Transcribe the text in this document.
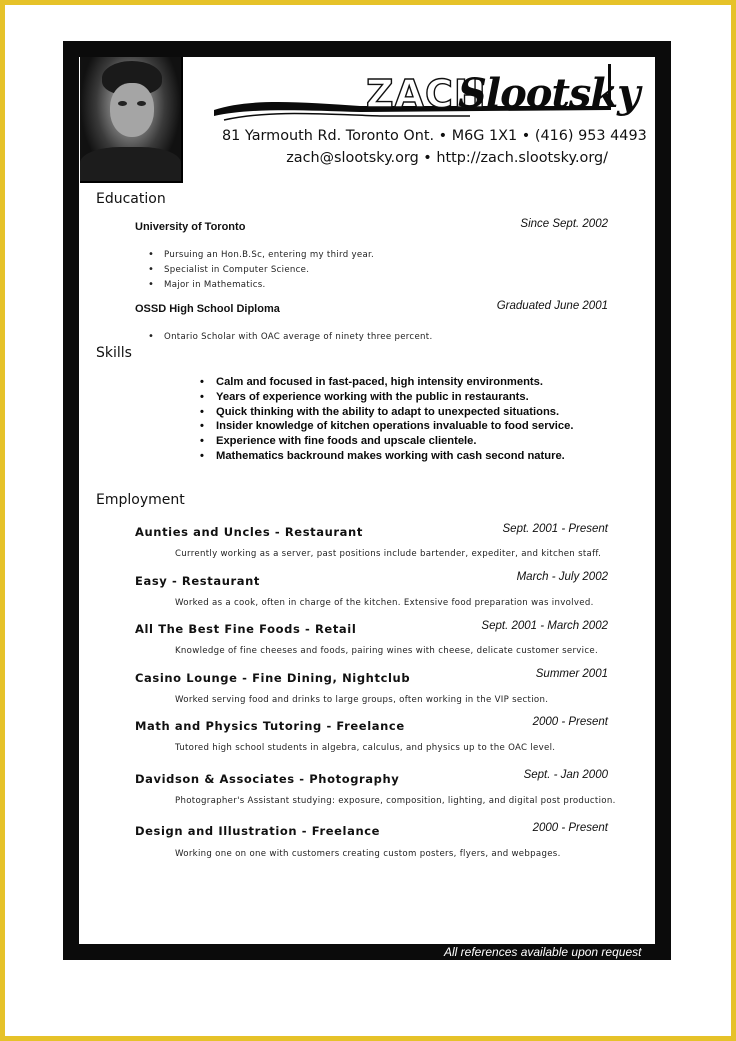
ZACH
Slootsky
81 Yarmouth Rd. Toronto Ont. • M6G 1X1 • (416) 953 4493
zach@slootsky.org • http://zach.slootsky.org/
Education
University of Toronto	Since Sept. 2002
• Pursuing an Hon.B.Sc, entering my third year.
• Specialist in Computer Science.
• Major in Mathematics.
OSSD High School Diploma	Graduated June 2001
• Ontario Scholar with OAC average of ninety three percent.
Skills
• Calm and focused in fast-paced, high intensity environments.
• Years of experience working with the public in restaurants.
• Quick thinking with the ability to adapt to unexpected situations.
• Insider knowledge of kitchen operations invaluable to food service.
• Experience with fine foods and upscale clientele.
• Mathematics backround makes working with cash second nature.
Employment
Aunties and Uncles - Restaurant	Sept. 2001 - Present
Currently working as a server, past positions include bartender, expediter, and kitchen staff.
Easy - Restaurant	March - July 2002
Worked as a cook, often in charge of the kitchen. Extensive food preparation was involved.
All The Best Fine Foods - Retail	Sept. 2001 - March 2002
Knowledge of fine cheeses and foods, pairing wines with cheese, delicate customer service.
Casino Lounge - Fine Dining, Nightclub	Summer 2001
Worked serving food and drinks to large groups, often working in the VIP section.
Math and Physics Tutoring - Freelance	2000 - Present
Tutored high school students in algebra, calculus, and physics up to the OAC level.
Davidson & Associates - Photography	Sept. - Jan 2000
Photographer's Assistant studying: exposure, composition, lighting, and digital post production.
Design and Illustration - Freelance	2000 - Present
Working one on one with customers creating custom posters, flyers, and webpages.
All references available upon request
